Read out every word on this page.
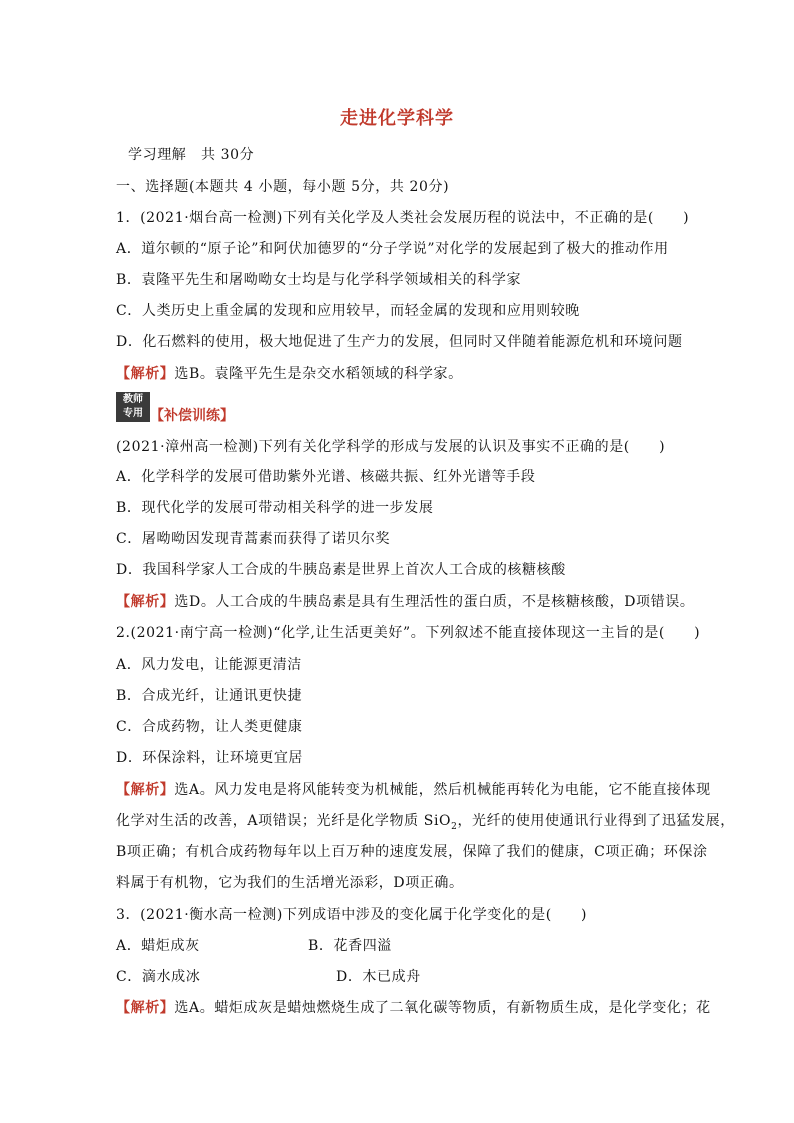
走进化学科学
学习理解　共 30分
一、选择题(本题共 4 小题，每小题 5分，共 20分)
1．(2021·烟台高一检测)下列有关化学及人类社会发展历程的说法中，不正确的是(　　)
A．道尔顿的“原子论”和阿伏加德罗的“分子学说”对化学的发展起到了极大的推动作用
B．袁隆平先生和屠呦呦女士均是与化学科学领域相关的科学家
C．人类历史上重金属的发现和应用较早，而轻金属的发现和应用则较晚
D．化石燃料的使用，极大地促进了生产力的发展，但同时又伴随着能源危机和环境问题
【解析】选B。袁隆平先生是杂交水稻领域的科学家。
教师
专用 【补偿训练】
(2021·漳州高一检测)下列有关化学科学的形成与发展的认识及事实不正确的是(　　)
A．化学科学的发展可借助紫外光谱、核磁共振、红外光谱等手段
B．现代化学的发展可带动相关科学的进一步发展
C．屠呦呦因发现青蒿素而获得了诺贝尔奖
D．我国科学家人工合成的牛胰岛素是世界上首次人工合成的核糖核酸
【解析】选D。人工合成的牛胰岛素是具有生理活性的蛋白质，不是核糖核酸，D项错误。
2.(2021·南宁高一检测)“化学,让生活更美好”。下列叙述不能直接体现这一主旨的是(　　)
A．风力发电，让能源更清洁
B．合成光纤，让通讯更快捷
C．合成药物，让人类更健康
D．环保涂料，让环境更宜居
【解析】选A。风力发电是将风能转变为机械能，然后机械能再转化为电能，它不能直接体现
化学对生活的改善，A项错误；光纤是化学物质 SiO$_2$，光纤的使用使通讯行业得到了迅猛发展，
B项正确；有机合成药物每年以上百万种的速度发展，保障了我们的健康，C项正确；环保涂
料属于有机物，它为我们的生活增光添彩，D项正确。
3．(2021·衡水高一检测)下列成语中涉及的变化属于化学变化的是(　　)
A．蜡炬成灰	B．花香四溢
C．滴水成冰	D．木已成舟
【解析】选A。蜡炬成灰是蜡烛燃烧生成了二氧化碳等物质，有新物质生成，是化学变化；花
